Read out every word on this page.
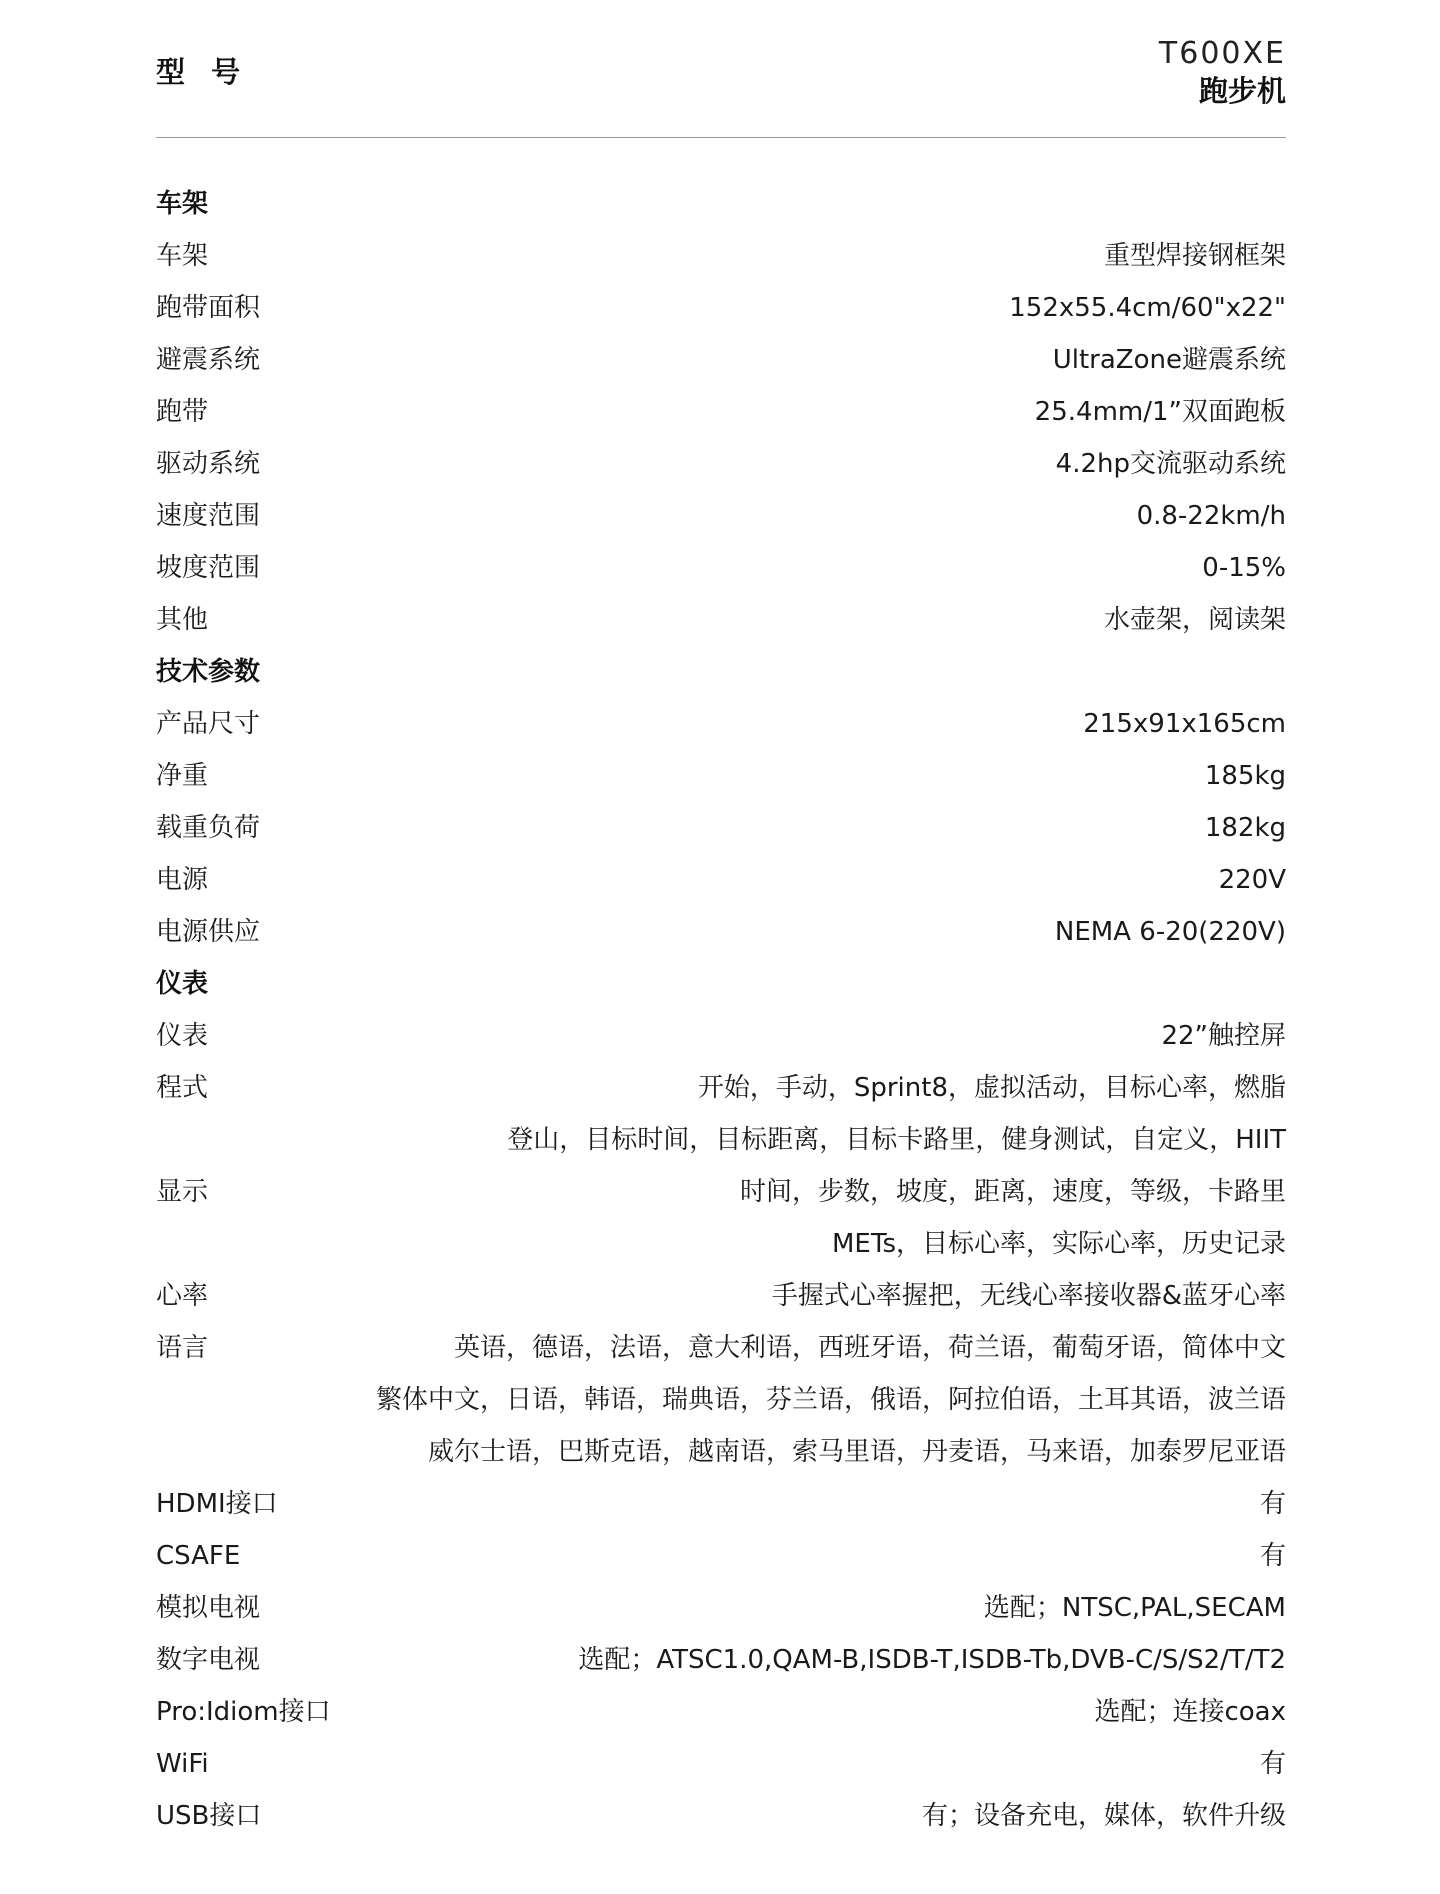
型 号
T600XE
跑步机
车架
车架	重型焊接钢框架
跑带面积	152x55.4cm/60"x22"
避震系统	UltraZone避震系统
跑带	25.4mm/1”双面跑板
驱动系统	4.2hp交流驱动系统
速度范围	0.8-22km/h
坡度范围	0-15%
其他	水壶架，阅读架
技术参数
产品尺寸	215x91x165cm
净重	185kg
载重负荷	182kg
电源	220V
电源供应	NEMA 6-20(220V)
仪表
仪表	22”触控屏
程式	开始，手动，Sprint8，虚拟活动，目标心率，燃脂
登山，目标时间，目标距离，目标卡路里，健身测试，自定义，HIIT
显示	时间，步数，坡度，距离，速度，等级，卡路里
METs，目标心率，实际心率，历史记录
心率	手握式心率握把，无线心率接收器&蓝牙心率
语言	英语，德语，法语，意大利语，西班牙语，荷兰语，葡萄牙语，简体中文
繁体中文，日语，韩语，瑞典语，芬兰语，俄语，阿拉伯语，土耳其语，波兰语
威尔士语，巴斯克语，越南语，索马里语，丹麦语，马来语，加泰罗尼亚语
HDMI接口	有
CSAFE	有
模拟电视	选配；NTSC,PAL,SECAM
数字电视	选配；ATSC1.0,QAM-B,ISDB-T,ISDB-Tb,DVB-C/S/S2/T/T2
Pro:Idiom接口	选配；连接coax
WiFi	有
USB接口	有；设备充电，媒体，软件升级
